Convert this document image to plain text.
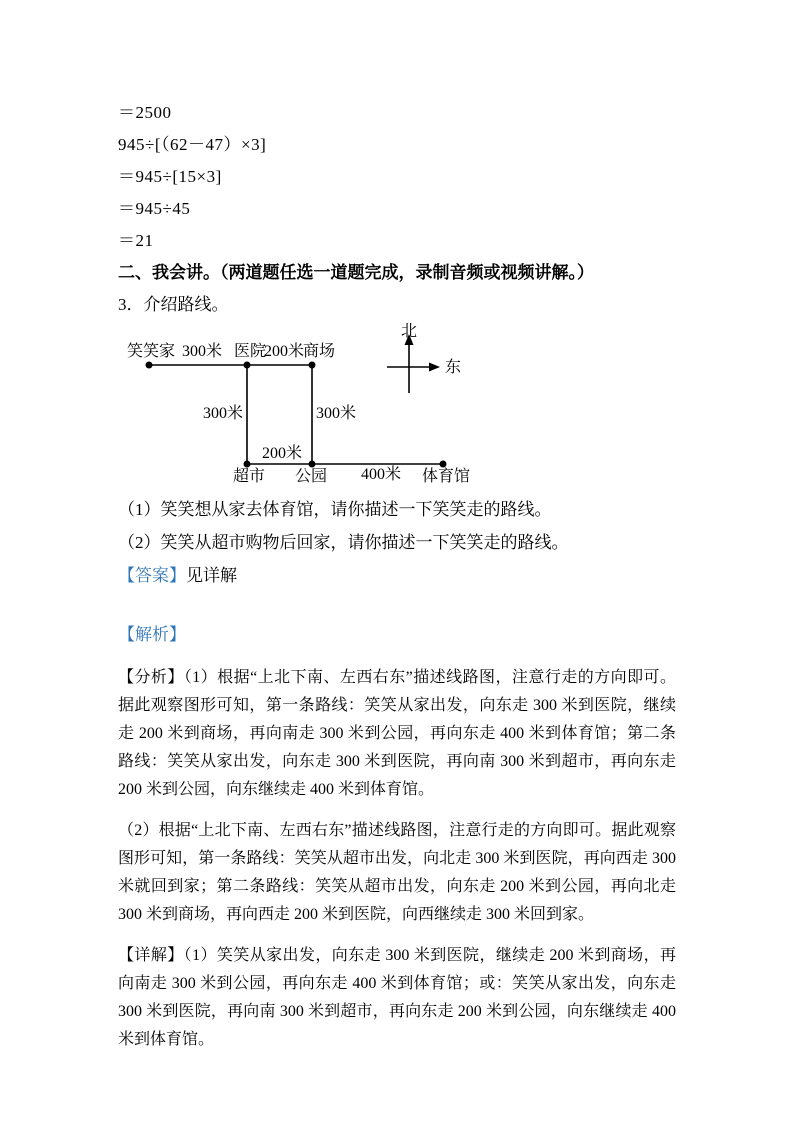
＝2500

945÷[（62－47）×3]

＝945÷[15×3]

＝945÷45

＝21

二、我会讲。（两道题任选一道题完成，录制音频或视频讲解。）

3．介绍路线。

笑笑家 300米 医院
200米
商场
300米	300米
200米
超市 公园 400米 体育馆
北
东

（1）笑笑想从家去体育馆，请你描述一下笑笑走的路线。

（2）笑笑从超市购物后回家，请你描述一下笑笑走的路线。

【答案】见详解

【解析】

【分析】（1）根据“上北下南、左西右东”描述线路图，注意行走的方向即可。据此观察图形可知，第一条路线：笑笑从家出发，向东走 300 米到医院，继续走 200 米到商场，再向南走 300 米到公园，再向东走 400 米到体育馆；第二条路线：笑笑从家出发，向东走 300 米到医院，再向南 300 米到超市，再向东走 200 米到公园，向东继续走 400 米到体育馆。

（2）根据“上北下南、左西右东”描述线路图，注意行走的方向即可。据此观察图形可知，第一条路线：笑笑从超市出发，向北走 300 米到医院，再向西走 300 米就回到家；第二条路线：笑笑从超市出发，向东走 200 米到公园，再向北走 300 米到商场，再向西走 200 米到医院，向西继续走 300 米回到家。

【详解】（1）笑笑从家出发，向东走 300 米到医院，继续走 200 米到商场，再向南走 300 米到公园，再向东走 400 米到体育馆；或：笑笑从家出发，向东走 300 米到医院，再向南 300 米到超市，再向东走 200 米到公园，向东继续走 400 米到体育馆。
